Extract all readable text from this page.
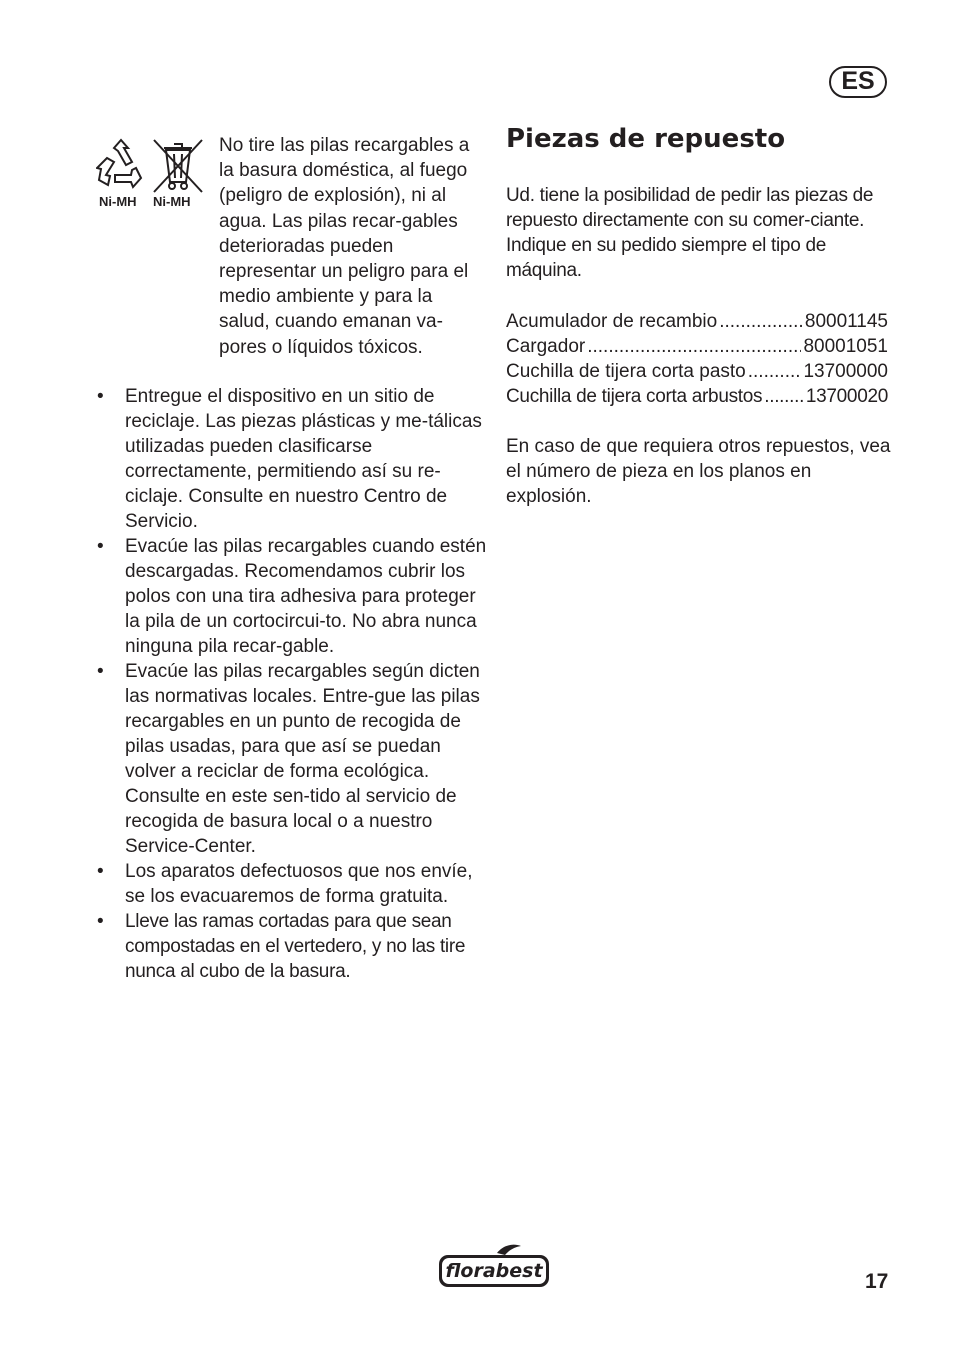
ES
Ni-MH Ni-MH

No tire las pilas recargables a la basura doméstica, al fuego (peligro de explosión), ni al agua. Las pilas recar-gables deterioradas pueden representar un peligro para el medio ambiente y para la salud, cuando emanan va-pores o líquidos tóxicos.

• Entregue el dispositivo en un sitio de reciclaje. Las piezas plásticas y me-tálicas utilizadas pueden clasificarse correctamente, permitiendo así su re-ciclaje. Consulte en nuestro Centro de Servicio.
• Evacúe las pilas recargables cuando estén descargadas. Recomendamos cubrir los polos con una tira adhesiva para proteger la pila de un cortocircui-to. No abra nunca ninguna pila recar-gable.
• Evacúe las pilas recargables según dicten las normativas locales. Entre-gue las pilas recargables en un punto de recogida de pilas usadas, para que así se puedan volver a reciclar de forma ecológica. Consulte en este sen-tido al servicio de recogida de basura local o a nuestro Service-Center.
• Los aparatos defectuosos que nos envíe, se los evacuaremos de forma gratuita.
• Lleve las ramas cortadas para que sean compostadas en el vertedero, y no las tire nunca al cubo de la basura.
Piezas de repuesto

Ud. tiene la posibilidad de pedir las piezas de repuesto directamente con su comer-ciante. Indique en su pedido siempre el tipo de máquina.

Acumulador de recambio .....	80001145
Cargador .....	80001051
Cuchilla de tijera corta pasto .....	13700000
Cuchilla de tijera corta arbustos ..... 13700020

En caso de que requiera otros repuestos, vea el número de pieza en los planos en explosión.

florabest	17
